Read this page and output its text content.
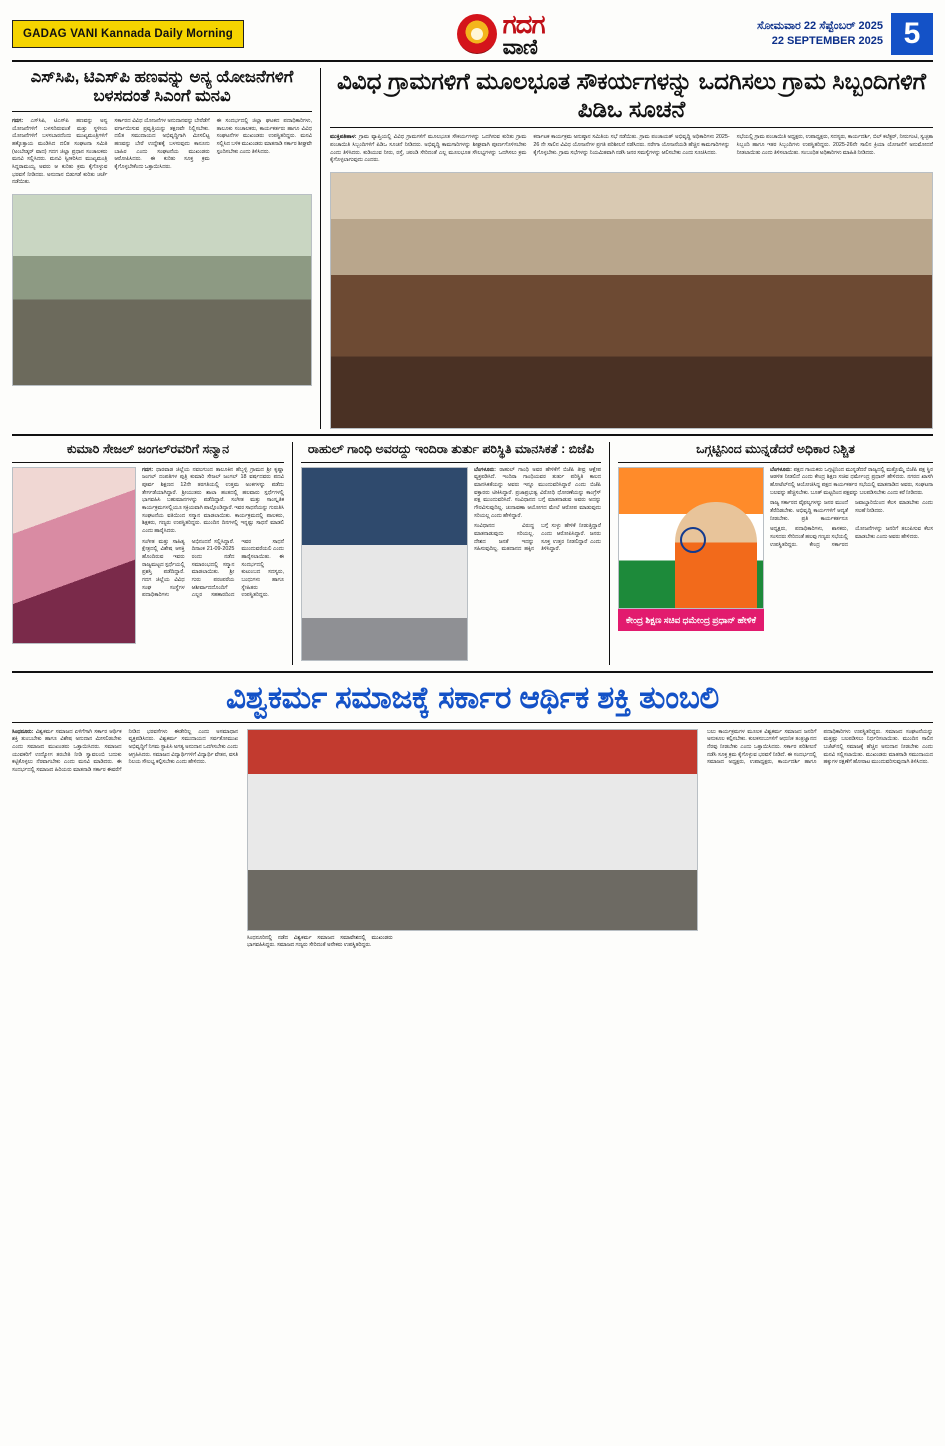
GADAG VANI Kannada Daily Morning	ಗದಗ
ವಾಣಿ
ಸೋಮವಾರ 22 ಸೆಪ್ಟೆಂಬರ್ 2025
22 SEPTEMBER 2025 5
ಎಸ್‌ಸಿಪಿ, ಟಿಎಸ್‌ಪಿ ಹಣವನ್ನು ಅನ್ಯ ಯೋಜನೆಗಳಿಗೆ ಬಳಸದಂತೆ ಸಿಎಂಗೆ ಮನವಿ
ಗದಗ: ಎಸ್‌ಸಿಪಿ, ಟಿಎಸ್‌ಪಿ ಹಣವನ್ನು ಅನ್ಯ ಯೋಜನೆಗಳಿಗೆ ಬಳಸದಿರುವಂತೆ ಮತ್ತು ಸ್ಥಳೀಯ ಯೋಜನೆಗಳಿಗೆ ಬಳಸಬಾರದೆಂದು ಮುಖ್ಯಮಂತ್ರಿಗಳಿಗೆ ಹಕ್ಕೊತ್ತಾಯ ಮಂಡಿಸಿದ ದಲಿತ ಸಂಘಟನಾ ಸಮಿತಿ (ಅಂಬೇಡ್ಕರ್ ವಾದ) ಗದಗ ಜಿಲ್ಲಾ ಪ್ರಧಾನ ಸಂಚಾಲಕರು ಮನವಿ ಸಲ್ಲಿಸಿದರು. ಮನವಿ ಸ್ವೀಕರಿಸಿದ ಮುಖ್ಯಮಂತ್ರಿ ಸಿದ್ದರಾಮಯ್ಯ ಅವರು ಆ ಕುರಿತು ಕ್ರಮ ಕೈಗೊಳ್ಳುವ ಭರವಸೆ ನೀಡಿದರು. ಅನುದಾನ ಬಿಡುಗಡೆ ಕುರಿತು ಚರ್ಚೆ ನಡೆಯಿತು.
ಸರ್ಕಾರದ ವಿವಿಧ ಯೋಜನೆಗಳ ಅನುದಾನವನ್ನು ಬೇರೆಡೆಗೆ ವರ್ಗಾಯಿಸುವ ಪ್ರವೃತ್ತಿಯನ್ನು ತಕ್ಷಣವೇ ನಿಲ್ಲಿಸಬೇಕು. ದಲಿತ ಸಮುದಾಯದ ಅಭಿವೃದ್ಧಿಗಾಗಿ ಮೀಸಲಿಟ್ಟ ಹಣವನ್ನು ಬೇರೆ ಉದ್ದೇಶಕ್ಕೆ ಬಳಸುವುದು ಕಾನೂನು ಬಾಹಿರ ಎಂದು ಸಂಘಟನೆಯ ಮುಖಂಡರು ಆರೋಪಿಸಿದರು. ಈ ಕುರಿತು ಸೂಕ್ತ ಕ್ರಮ ಕೈಗೊಳ್ಳಬೇಕೆಂದು ಒತ್ತಾಯಿಸಿದರು.
ಈ ಸಂದರ್ಭದಲ್ಲಿ ಜಿಲ್ಲಾ ಘಟಕದ ಪದಾಧಿಕಾರಿಗಳು, ತಾಲೂಕು ಸಂಚಾಲಕರು, ಕಾರ್ಯಕರ್ತರು ಹಾಗೂ ವಿವಿಧ ಸಂಘಟನೆಗಳ ಮುಖಂಡರು ಉಪಸ್ಥಿತರಿದ್ದರು. ಮನವಿ ಸಲ್ಲಿಸಿದ ಬಳಿಕ ಮುಖಂಡರು ಮಾತನಾಡಿ ಸರ್ಕಾರ ಶೀಘ್ರವೇ ಸ್ಪಂದಿಸಬೇಕು ಎಂದು ತಿಳಿಸಿದರು.
ವಿವಿಧ ಗ್ರಾಮಗಳಿಗೆ ಮೂಲಭೂತ ಸೌಕರ್ಯಗಳನ್ನು ಒದಗಿಸಲು ಗ್ರಾಮ ಸಿಬ್ಬಂದಿಗಳಿಗೆ ಪಿಡಿಒ ಸೂಚನೆ
ಮುಕ್ತಿಪತಿಹಾಳ: ಗ್ರಾಮ ವ್ಯಾಪ್ತಿಯಲ್ಲಿ ವಿವಿಧ ಗ್ರಾಮಗಳಿಗೆ ಮೂಲಭೂತ ಸೌಕರ್ಯಗಳನ್ನು ಒದಗಿಸುವ ಕುರಿತು ಗ್ರಾಮ ಪಂಚಾಯಿತಿ ಸಿಬ್ಬಂದಿಗಳಿಗೆ ಪಿಡಿಒ ಸೂಚನೆ ನೀಡಿದರು. ಅಭಿವೃದ್ಧಿ ಕಾಮಗಾರಿಗಳನ್ನು ಶೀಘ್ರವಾಗಿ ಪೂರ್ಣಗೊಳಿಸಬೇಕು ಎಂದು ತಿಳಿಸಿದರು. ಕುಡಿಯುವ ನೀರು, ರಸ್ತೆ, ಚರಂಡಿ ಸೇರಿದಂತೆ ಎಲ್ಲ ಮೂಲಭೂತ ಸೌಲಭ್ಯಗಳನ್ನು ಒದಗಿಸಲು ಕ್ರಮ ಕೈಗೊಳ್ಳಲಾಗುವುದು ಎಂದರು.
ಕರ್ನಾಟಕ ಕಾರ್ಯಕ್ರಮ ಅನುಷ್ಠಾನ ಸಮಿತಿಯ ಸಭೆ ನಡೆಯಿತು. ಗ್ರಾಮ ಪಂಚಾಯತ್ ಅಭಿವೃದ್ಧಿ ಅಧಿಕಾರಿಗಳು 2025-26 ನೇ ಸಾಲಿನ ವಿವಿಧ ಯೋಜನೆಗಳ ಪ್ರಗತಿ ಪರಿಶೀಲನೆ ನಡೆಸಿದರು. ನರೇಗಾ ಯೋಜನೆಯಡಿ ಹೆಚ್ಚಿನ ಕಾಮಗಾರಿಗಳನ್ನು ಕೈಗೊಳ್ಳಬೇಕು. ಗ್ರಾಮ ಸಭೆಗಳನ್ನು ನಿಯಮಿತವಾಗಿ ನಡೆಸಿ ಜನರ ಸಮಸ್ಯೆಗಳನ್ನು ಆಲಿಸಬೇಕು ಎಂದು ಸೂಚಿಸಿದರು.
ಸಭೆಯಲ್ಲಿ ಗ್ರಾಮ ಪಂಚಾಯಿತಿ ಅಧ್ಯಕ್ಷರು, ಉಪಾಧ್ಯಕ್ಷರು, ಸದಸ್ಯರು, ಕಾರ್ಯದರ್ಶಿ, ಬಿಲ್ ಕಲೆಕ್ಟರ್, ನೀರುಗಂಟಿ, ಸ್ವಚ್ಛತಾ ಸಿಬ್ಬಂದಿ ಹಾಗೂ ಇತರ ಸಿಬ್ಬಂದಿಗಳು ಉಪಸ್ಥಿತರಿದ್ದರು. 2025-26ನೇ ಸಾಲಿನ ಕ್ರಿಯಾ ಯೋಜನೆಗೆ ಅನುಮೋದನೆ ನೀಡಲಾಯಿತು ಎಂದು ತಿಳಿಸಲಾಯಿತು. ಸಂಬಂಧಿತ ಅಧಿಕಾರಿಗಳು ಮಾಹಿತಿ ನೀಡಿದರು.
ಕುಮಾರಿ ಸೇಜಲ್ ಜಂಗಲ್‌ರವರಿಗೆ ಸನ್ಮಾನ
ಗದಗ: ಧಾರವಾಡ ಜಿಲ್ಲೆಯ ನವಲಗುಂದ ತಾಲೂಕಿನ ಹೆಬ್ಬಳ್ಳಿ ಗ್ರಾಮದ ಶ್ರೀ ಕೃಷ್ಣಾ ಜಂಗಲ್ ದಂಪತಿಗಳ ಪುತ್ರಿ ಕುಮಾರಿ ಸೇಜಲ್ ಜಂಗಲ್ 18 ವರ್ಷದವರು ಪದವಿ ಪೂರ್ವ ಶಿಕ್ಷಣದ 12ನೇ ತರಗತಿಯಲ್ಲಿ ಉತ್ತಮ ಅಂಕಗಳನ್ನು ಪಡೆದು ತೇರ್ಗಡೆಯಾಗಿದ್ದಾರೆ. ಶ್ರೀಯುತರು ಶಾಲಾ ಹಂತದಲ್ಲಿ ಹಲವಾರು ಸ್ಪರ್ಧೆಗಳಲ್ಲಿ ಭಾಗವಹಿಸಿ ಬಹುಮಾನಗಳನ್ನು ಪಡೆದಿದ್ದಾರೆ. ಸಂಗೀತ ಮತ್ತು ಸಾಂಸ್ಕೃತಿಕ ಕಾರ್ಯಕ್ರಮಗಳಲ್ಲಿಯೂ ಸಕ್ರಿಯವಾಗಿ ಪಾಲ್ಗೊಂಡಿದ್ದಾರೆ. ಇವರ ಸಾಧನೆಯನ್ನು ಗುರುತಿಸಿ ಸಂಘಟನೆಯ ವತಿಯಿಂದ ಸನ್ಮಾನ ಮಾಡಲಾಯಿತು. ಕಾರ್ಯಕ್ರಮದಲ್ಲಿ ಪಾಲಕರು, ಶಿಕ್ಷಕರು, ಗಣ್ಯರು ಉಪಸ್ಥಿತರಿದ್ದರು. ಮುಂದಿನ ದಿನಗಳಲ್ಲಿ ಇನ್ನಷ್ಟು ಸಾಧನೆ ಮಾಡಲಿ ಎಂದು ಹಾರೈಸಿದರು.
ಸಂಗೀತ ಮತ್ತು ಸಾಹಿತ್ಯ ಕ್ಷೇತ್ರದಲ್ಲಿ ವಿಶೇಷ ಆಸಕ್ತಿ ಹೊಂದಿರುವ ಇವರು ರಾಜ್ಯಮಟ್ಟದ ಸ್ಪರ್ಧೆಯಲ್ಲಿ ಪ್ರಶಸ್ತಿ ಪಡೆದಿದ್ದಾರೆ. ಗದಗ ಜಿಲ್ಲೆಯ ವಿವಿಧ ಸಂಘ ಸಂಸ್ಥೆಗಳ ಪದಾಧಿಕಾರಿಗಳು ಅಭಿನಂದನೆ ಸಲ್ಲಿಸಿದ್ದಾರೆ. ದಿನಾಂಕ 21-09-2025 ರಂದು ನಡೆದ ಸಮಾರಂಭದಲ್ಲಿ ಸನ್ಮಾನ ಮಾಡಲಾಯಿತು. ಶ್ರೀ ಗುರು ಪರಂಪರೆಯ ಆಶೀರ್ವಾದದೊಂದಿಗೆ ಎಲ್ಲರ ಸಹಕಾರದಿಂದ ಇವರ ಸಾಧನೆ ಮುಂದುವರೆಯಲಿ ಎಂದು ಹಾರೈಸಲಾಯಿತು. ಈ ಸಂದರ್ಭದಲ್ಲಿ ಕುಟುಂಬದ ಸದಸ್ಯರು, ಬಂಧುಗಳು ಹಾಗೂ ಸ್ನೇಹಿತರು ಉಪಸ್ಥಿತರಿದ್ದರು.
ರಾಹುಲ್ ಗಾಂಧಿ ಅವರದ್ದು ಇಂದಿರಾ ತುರ್ತು ಪರಿಸ್ಥಿತಿ ಮಾನಸಿಕತೆ : ಬಿಜೆಪಿ
ಬೆಂಗಳೂರು: ರಾಹುಲ್ ಗಾಂಧಿ ಅವರ ಹೇಳಿಕೆಗೆ ಬಿಜೆಪಿ ತೀವ್ರ ಆಕ್ಷೇಪ ವ್ಯಕ್ತಪಡಿಸಿದೆ. ಇಂದಿರಾ ಗಾಂಧಿಯವರ ತುರ್ತು ಪರಿಸ್ಥಿತಿ ಕಾಲದ ಮಾನಸಿಕತೆಯನ್ನು ಅವರು ಇನ್ನೂ ಮುಂದುವರಿಸಿದ್ದಾರೆ ಎಂದು ಬಿಜೆಪಿ ವಕ್ತಾರರು ಟೀಕಿಸಿದ್ದಾರೆ. ಪ್ರಜಾಪ್ರಭುತ್ವ ವಿರೋಧಿ ಧೋರಣೆಯನ್ನು ಕಾಂಗ್ರೆಸ್ ಪಕ್ಷ ಮುಂದುವರಿಸಿದೆ. ಸಂವಿಧಾನದ ಬಗ್ಗೆ ಮಾತನಾಡುವ ಅವರು ಅದನ್ನು ಗೌರವಿಸುವುದಿಲ್ಲ. ಚುನಾವಣಾ ಆಯೋಗದ ಮೇಲೆ ಆರೋಪ ಮಾಡುವುದು ಸರಿಯಲ್ಲ ಎಂದು ಹೇಳಿದ್ದಾರೆ.
ಸಂವಿಧಾನದ ವಿರುದ್ಧ ಮಾತನಾಡುವುದು ಸರಿಯಲ್ಲ. ದೇಶದ ಜನತೆ ಇದನ್ನು ಸಹಿಸುವುದಿಲ್ಲ. ಮತದಾನದ ಹಕ್ಕಿನ ಬಗ್ಗೆ ಸುಳ್ಳು ಹೇಳಿಕೆ ನೀಡುತ್ತಿದ್ದಾರೆ ಎಂದು ಆರೋಪಿಸಿದ್ದಾರೆ. ಜನರು ಸೂಕ್ತ ಉತ್ತರ ನೀಡಲಿದ್ದಾರೆ ಎಂದು ತಿಳಿಸಿದ್ದಾರೆ.
ಒಗ್ಗಟ್ಟಿನಿಂದ ಮುನ್ನಡೆದರೆ ಅಧಿಕಾರ ನಿಶ್ಚಿತ
ಕೇಂದ್ರ ಶಿಕ್ಷಣ ಸಚಿವ ಧಮೇಂದ್ರ ಪ್ರಧಾನ್ ಹೇಳಿಕೆ
ಬೆಂಗಳೂರು: ಪಕ್ಷದ ಗಾಯಕರು ಒಗ್ಗಟ್ಟಿನಿಂದ ಮುನ್ನಡೆದರೆ ರಾಜ್ಯದಲ್ಲಿ ಮತ್ತೊಮ್ಮೆ ಬಿಜೆಪಿ ಪಕ್ಷ ಸ್ಥಿರ ಆಡಳಿತ ನೀಡಲಿದೆ ಎಂದು ಕೇಂದ್ರ ಶಿಕ್ಷಣ ಸಚಿವ ಧರ್ಮೇಂದ್ರ ಪ್ರಧಾನ್ ಹೇಳಿದರು. ನಗರದ ಖಾಸಗಿ ಹೋಟೆಲ್‌ನಲ್ಲಿ ಆಯೋಜಿಸಿದ್ದ ಪಕ್ಷದ ಕಾರ್ಯಕರ್ತರ ಸಭೆಯಲ್ಲಿ ಮಾತನಾಡಿದ ಅವರು, ಸಂಘಟನಾ ಬಲವನ್ನು ಹೆಚ್ಚಿಸಬೇಕು. ಬೂತ್ ಮಟ್ಟದಿಂದ ಪಕ್ಷವನ್ನು ಬಲಪಡಿಸಬೇಕು ಎಂದು ಕರೆ ನೀಡಿದರು.
ರಾಜ್ಯ ಸರ್ಕಾರದ ವೈಫಲ್ಯಗಳನ್ನು ಜನರ ಮುಂದೆ ತೆರೆದಿಡಬೇಕು. ಅಭಿವೃದ್ಧಿ ಕಾರ್ಯಗಳಿಗೆ ಆದ್ಯತೆ ನೀಡಬೇಕು. ಪ್ರತಿ ಕಾರ್ಯಕರ್ತನೂ ಜವಾಬ್ದಾರಿಯಿಂದ ಕೆಲಸ ಮಾಡಬೇಕು ಎಂದು ಸಲಹೆ ನೀಡಿದರು.
ಅಧ್ಯಕ್ಷರು, ಪದಾಧಿಕಾರಿಗಳು, ಶಾಸಕರು, ಸಂಸದರು ಸೇರಿದಂತೆ ಹಲವು ಗಣ್ಯರು ಸಭೆಯಲ್ಲಿ ಉಪಸ್ಥಿತರಿದ್ದರು. ಕೇಂದ್ರ ಸರ್ಕಾರದ ಯೋಜನೆಗಳನ್ನು ಜನರಿಗೆ ತಲುಪಿಸುವ ಕೆಲಸ ಮಾಡಬೇಕು ಎಂದು ಅವರು ಹೇಳಿದರು.
ವಿಶ್ವಕರ್ಮ ಸಮಾಜಕ್ಕೆ ಸರ್ಕಾರ ಆರ್ಥಿಕ ಶಕ್ತಿ ತುಂಬಲಿ
ಸಿಂಧನೂರು: ವಿಶ್ವಕರ್ಮ ಸಮಾಜದ ಏಳಿಗೆಗಾಗಿ ಸರ್ಕಾರ ಆರ್ಥಿಕ ಶಕ್ತಿ ತುಂಬಬೇಕು ಹಾಗೂ ವಿಶೇಷ ಅನುದಾನ ಮೀಸಲಿಡಬೇಕು ಎಂದು ಸಮಾಜದ ಮುಖಂಡರು ಒತ್ತಾಯಿಸಿದರು. ಸಮಾಜದ ಯುವಕರಿಗೆ ಉದ್ಯೋಗ ತರಬೇತಿ ನೀಡಿ ಸ್ವಾವಲಂಬಿ ಬದುಕು ಕಟ್ಟಿಕೊಳ್ಳಲು ನೆರವಾಗಬೇಕು ಎಂದು ಮನವಿ ಮಾಡಿದರು. ಈ ಸಂದರ್ಭದಲ್ಲಿ ಸಮಾಜದ ಹಿರಿಯರು ಮಾತನಾಡಿ ಸರ್ಕಾರ ಈವರೆಗೆ ನೀಡಿದ ಭರವಸೆಗಳು ಈಡೇರಿಲ್ಲ ಎಂದು ಅಸಮಾಧಾನ ವ್ಯಕ್ತಪಡಿಸಿದರು. ವಿಶ್ವಕರ್ಮ ಸಮುದಾಯದ ಸರ್ವತೋಮುಖ ಅಭಿವೃದ್ಧಿಗೆ ನಿಗಮ ಸ್ಥಾಪಿಸಿ ಅಗತ್ಯ ಅನುದಾನ ಒದಗಿಸಬೇಕು ಎಂದು ಆಗ್ರಹಿಸಿದರು. ಸಮಾಜದ ವಿದ್ಯಾರ್ಥಿಗಳಿಗೆ ವಿದ್ಯಾರ್ಥಿ ವೇತನ, ವಸತಿ ನಿಲಯ ಸೌಲಭ್ಯ ಕಲ್ಪಿಸಬೇಕು ಎಂದು ಹೇಳಿದರು.
ಸಿಂಧನೂರಿನಲ್ಲಿ ನಡೆದ ವಿಶ್ವಕರ್ಮ ಸಮಾಜದ ಸಮಾವೇಶದಲ್ಲಿ ಮುಖಂಡರು ಭಾಗವಹಿಸಿದ್ದರು. ಸಮಾಜದ ಗಣ್ಯರು ಸೇರಿದಂತೆ ಅನೇಕರು ಉಪಸ್ಥಿತರಿದ್ದರು.
ಬಲು ಕಾರ್ಯಕ್ರಮಗಳ ಮೂಲಕ ವಿಶ್ವಕರ್ಮ ಸಮಾಜದ ಜನರಿಗೆ ಅನುಕೂಲ ಕಲ್ಪಿಸಬೇಕು. ಕುಲಕಸುಬುಗಳಿಗೆ ಆಧುನಿಕ ತಂತ್ರಜ್ಞಾನದ ನೆರವು ನೀಡಬೇಕು ಎಂದು ಒತ್ತಾಯಿಸಿದರು. ಸರ್ಕಾರ ಪರಿಶೀಲನೆ ನಡೆಸಿ ಸೂಕ್ತ ಕ್ರಮ ಕೈಗೊಳ್ಳುವ ಭರವಸೆ ನೀಡಿದೆ. ಈ ಸಂದರ್ಭದಲ್ಲಿ ಸಮಾಜದ ಅಧ್ಯಕ್ಷರು, ಉಪಾಧ್ಯಕ್ಷರು, ಕಾರ್ಯದರ್ಶಿ ಹಾಗೂ ಪದಾಧಿಕಾರಿಗಳು ಉಪಸ್ಥಿತರಿದ್ದರು. ಸಮಾಜದ ಸಂಘಟನೆಯನ್ನು ಮತ್ತಷ್ಟು ಬಲಪಡಿಸಲು ನಿರ್ಧರಿಸಲಾಯಿತು. ಮುಂದಿನ ಸಾಲಿನ ಬಜೆಟ್‌ನಲ್ಲಿ ಸಮಾಜಕ್ಕೆ ಹೆಚ್ಚಿನ ಅನುದಾನ ನೀಡಬೇಕು ಎಂದು ಮನವಿ ಸಲ್ಲಿಸಲಾಯಿತು. ಮುಖಂಡರು ಮಾತನಾಡಿ ಸಮುದಾಯದ ಹಕ್ಕುಗಳ ರಕ್ಷಣೆಗೆ ಹೋರಾಟ ಮುಂದುವರಿಸುವುದಾಗಿ ತಿಳಿಸಿದರು.
